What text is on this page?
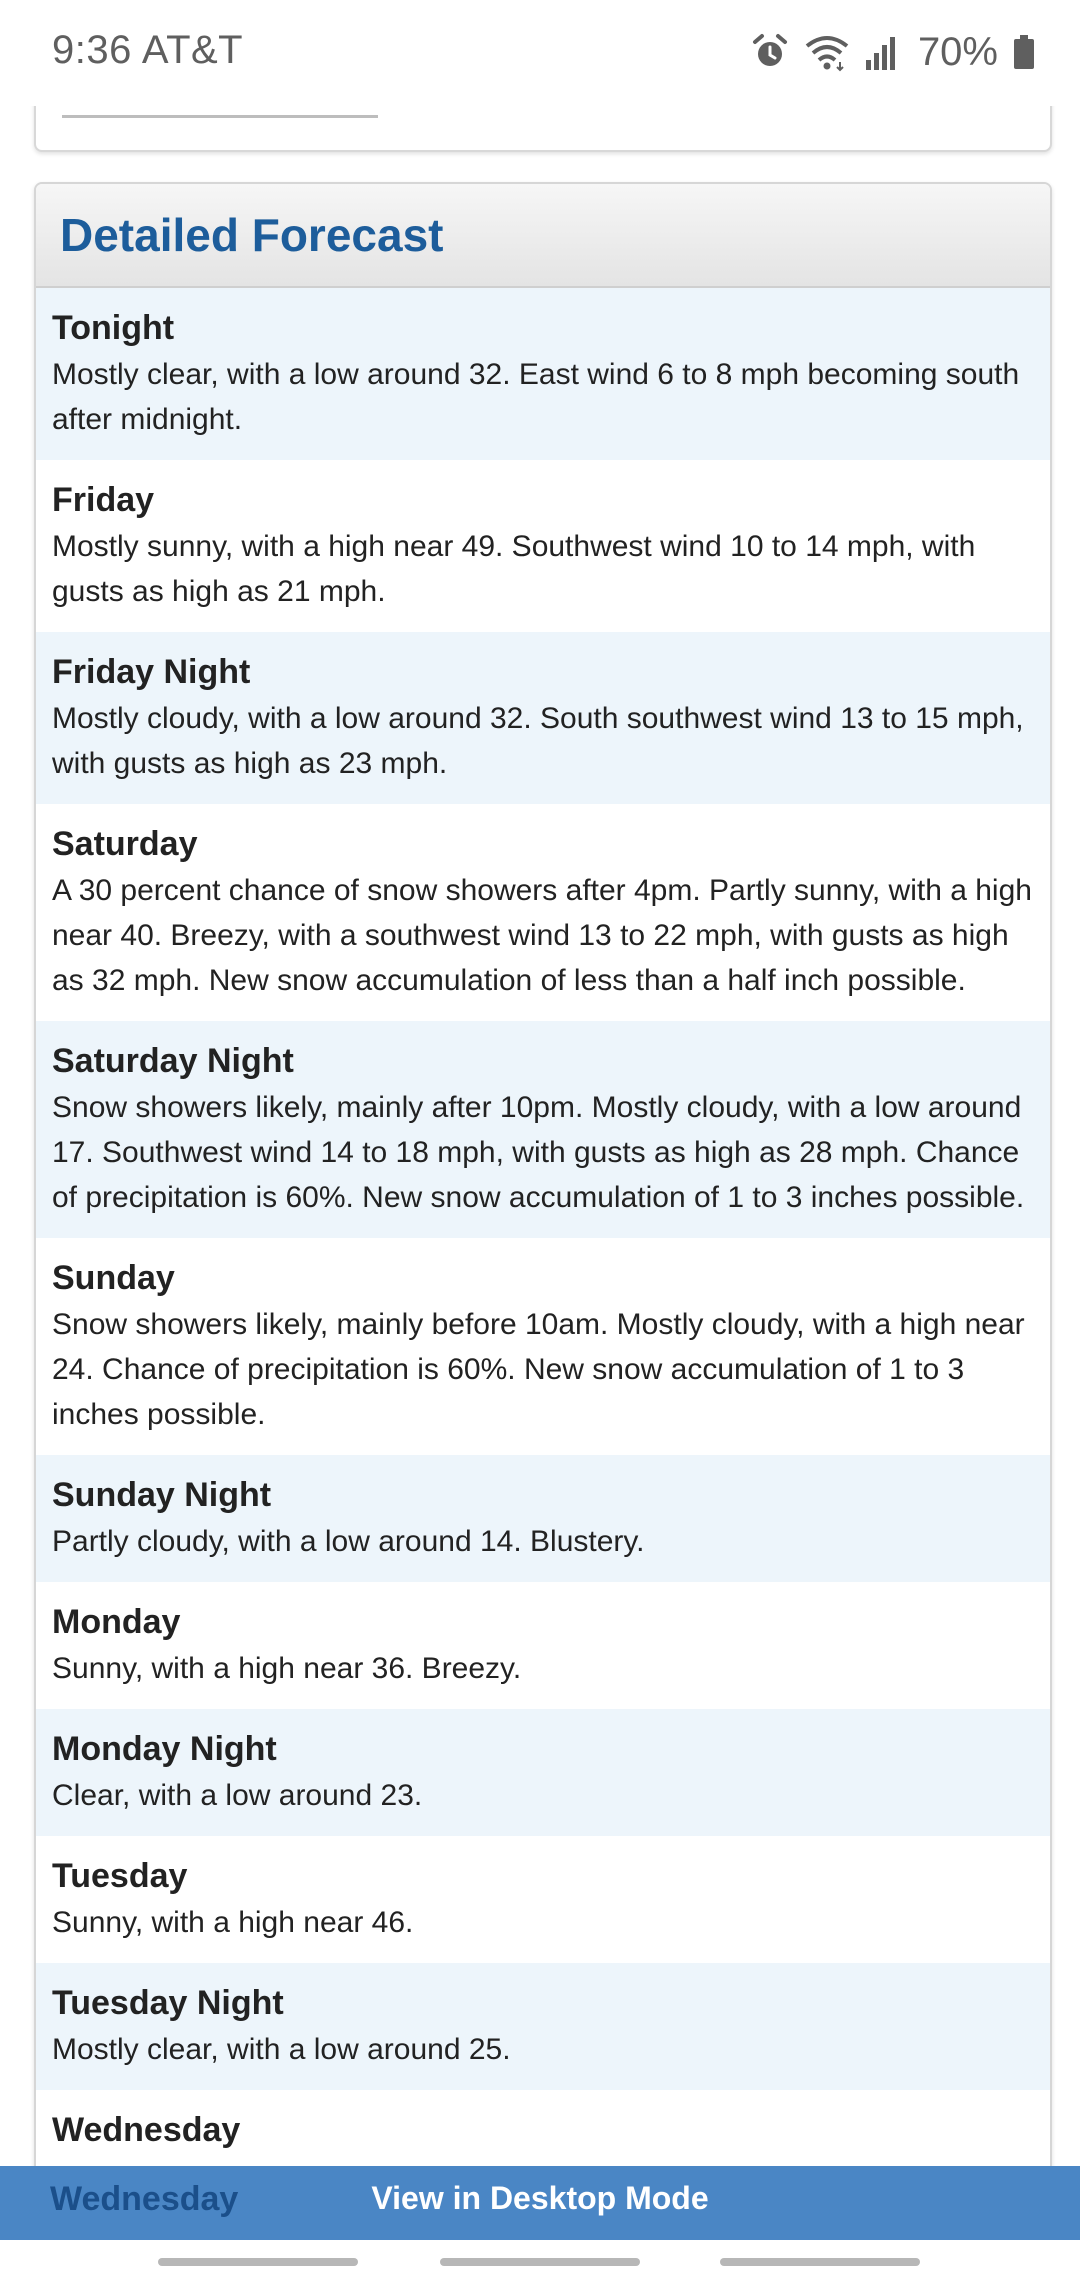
9:36 AT&T	70%
Detailed Forecast
Tonight
Mostly clear, with a low around 32. East wind 6 to 8 mph becoming south after midnight.
Friday
Mostly sunny, with a high near 49. Southwest wind 10 to 14 mph, with gusts as high as 21 mph.
Friday Night
Mostly cloudy, with a low around 32. South southwest wind 13 to 15 mph, with gusts as high as 23 mph.
Saturday
A 30 percent chance of snow showers after 4pm. Partly sunny, with a high near 40. Breezy, with a southwest wind 13 to 22 mph, with gusts as high as 32 mph. New snow accumulation of less than a half inch possible.
Saturday Night
Snow showers likely, mainly after 10pm. Mostly cloudy, with a low around 17. Southwest wind 14 to 18 mph, with gusts as high as 28 mph. Chance of precipitation is 60%. New snow accumulation of 1 to 3 inches possible.
Sunday
Snow showers likely, mainly before 10am. Mostly cloudy, with a high near 24. Chance of precipitation is 60%. New snow accumulation of 1 to 3 inches possible.
Sunday Night
Partly cloudy, with a low around 14. Blustery.
Monday
Sunny, with a high near 36. Breezy.
Monday Night
Clear, with a low around 23.
Tuesday
Sunny, with a high near 46.
Tuesday Night
Mostly clear, with a low around 25.
Wednesday
Wednesday	View in Desktop Mode
